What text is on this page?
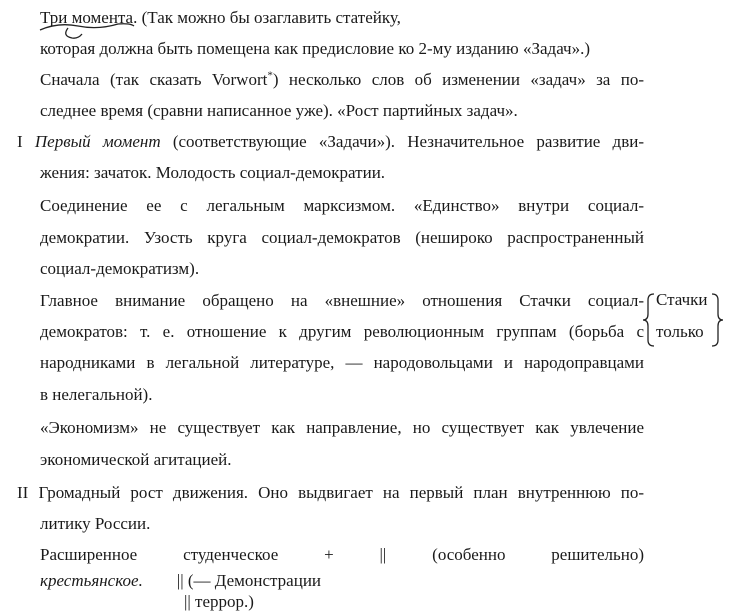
Три момента
. (Так можно бы озаглавить статейку,
которая должна быть помещена как предисловие ко 2-му изданию «Задач».)
Сначала (так сказать Vorwort*) несколько слов об изменении «задач» за по-
следнее время (сравни написанное уже). «Рост партийных задач».
I Первый момент (соответствующие «Задачи»). Незначительное развитие дви-
жения: зачаток. Молодость социал-демократии.
Соединение ее с легальным марксизмом. «Единство» внутри социал-
демократии. Узость круга социал-демократов (нешироко распространенный
социал-демократизм).
Главное внимание обращено на «внешние» отношения Стачки социал-
демократов: т. е. отношение к другим революционным группам (борьба с
народниками в легальной литературе, — народовольцами и народоправцами
в нелегальной).
Стачки
только
«Экономизм» не существует как направление, но существует как увлечение
экономической агитацией.
II Громадный рост движения. Оно выдвигает на первый план внутреннюю по-
литику России.
Расширенное студенческое + || (особенно решительно)
крестьянское. || (— Демонстрации
|| террор.)
